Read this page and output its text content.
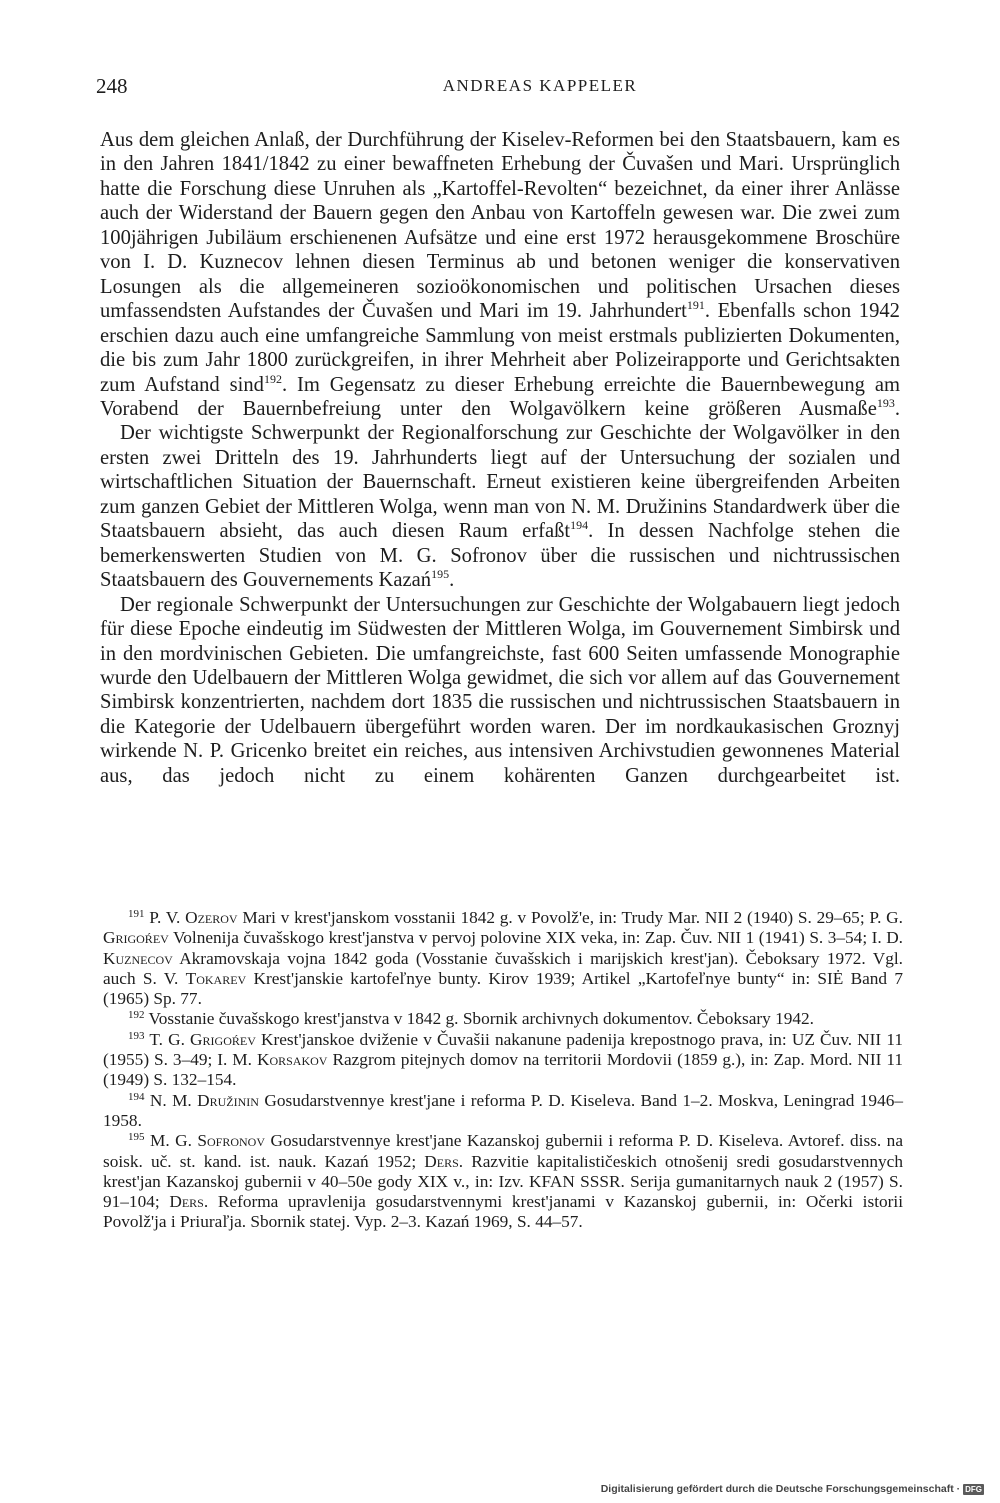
248	ANDREAS KAPPELER

Aus dem gleichen Anlaß, der Durchführung der Kiselev-Reformen bei den Staatsbauern, kam es in den Jahren 1841/1842 zu einer bewaffneten Erhebung der Čuvašen und Mari. Ursprünglich hatte die Forschung diese Unruhen als „Kartoffel-Revolten“ bezeichnet, da einer ihrer Anlässe auch der Widerstand der Bauern gegen den Anbau von Kartoffeln gewesen war. Die zwei zum 100jährigen Jubiläum erschienenen Aufsätze und eine erst 1972 herausgekommene Broschüre von I. D. Kuznecov lehnen diesen Terminus ab und betonen weniger die konservativen Losungen als die allgemeineren sozioökonomischen und politischen Ursachen dieses umfassendsten Aufstandes der Čuvašen und Mari im 19. Jahrhundert$^{191}$. Ebenfalls schon 1942 erschien dazu auch eine umfangreiche Sammlung von meist erstmals publizierten Dokumenten, die bis zum Jahr 1800 zurückgreifen, in ihrer Mehrheit aber Polizeirapporte und Gerichtsakten zum Aufstand sind$^{192}$. Im Gegensatz zu dieser Erhebung erreichte die Bauernbewegung am Vorabend der Bauernbefreiung unter den Wolgavölkern keine größeren Ausmaße$^{193}$.

Der wichtigste Schwerpunkt der Regionalforschung zur Geschichte der Wolgavölker in den ersten zwei Dritteln des 19. Jahrhunderts liegt auf der Untersuchung der sozialen und wirtschaftlichen Situation der Bauernschaft. Erneut existieren keine übergreifenden Arbeiten zum ganzen Gebiet der Mittleren Wolga, wenn man von N. M. Družinins Standardwerk über die Staatsbauern absieht, das auch diesen Raum erfaßt$^{194}$. In dessen Nachfolge stehen die bemerkenswerten Studien von M. G. Sofronov über die russischen und nichtrussischen Staatsbauern des Gouvernements Kazań$^{195}$.

Der regionale Schwerpunkt der Untersuchungen zur Geschichte der Wolgabauern liegt jedoch für diese Epoche eindeutig im Südwesten der Mittleren Wolga, im Gouvernement Simbirsk und in den mordvinischen Gebieten. Die umfangreichste, fast 600 Seiten umfassende Monographie wurde den Udelbauern der Mittleren Wolga gewidmet, die sich vor allem auf das Gouvernement Simbirsk konzentrierten, nachdem dort 1835 die russischen und nichtrussischen Staatsbauern in die Kategorie der Udelbauern übergeführt worden waren. Der im nordkaukasischen Groznyj wirkende N. P. Gricenko breitet ein reiches, aus intensiven Archivstudien gewonnenes Material aus, das jedoch nicht zu einem kohärenten Ganzen durchgearbeitet ist.

$^{191}$ P. V. Ozerov Mari v krest'janskom vosstanii 1842 g. v Povolž'e, in: Trudy Mar. NII 2 (1940) S. 29–65; P. G. Grigoŕev Volnenija čuvašskogo krest'janstva v pervoj polovine XIX veka, in: Zap. Čuv. NII 1 (1941) S. 3–54; I. D. Kuznecov Akramovskaja vojna 1842 goda (Vosstanie čuvašskich i marijskich krest'jan). Čeboksary 1972. Vgl. auch S. V. Tokarev Krest'janskie kartofeľnye bunty. Kirov 1939; Artikel „Kartofeľnye bunty“ in: SIĖ Band 7 (1965) Sp. 77.

$^{192}$ Vosstanie čuvašskogo krest'janstva v 1842 g. Sbornik archivnych dokumentov. Čeboksary 1942.

$^{193}$ T. G. Grigoŕev Krest'janskoe dviženie v Čuvašii nakanune padenija krepostnogo prava, in: UZ Čuv. NII 11 (1955) S. 3–49; I. M. Korsakov Razgrom pitejnych domov na territorii Mordovii (1859 g.), in: Zap. Mord. NII 11 (1949) S. 132–154.

$^{194}$ N. M. Družinin Gosudarstvennye krest'jane i reforma P. D. Kiseleva. Band 1–2. Moskva, Leningrad 1946–1958.

$^{195}$ M. G. Sofronov Gosudarstvennye krest'jane Kazanskoj gubernii i reforma P. D. Kiseleva. Avtoref. diss. na soisk. uč. st. kand. ist. nauk. Kazań 1952; Ders. Razvitie kapitalističeskich otnošenij sredi gosudarstvennych krest'jan Kazanskoj gubernii v 40–50e gody XIX v., in: Izv. KFAN SSSR. Serija gumanitarnych nauk 2 (1957) S. 91–104; Ders. Reforma upravlenija gosudarstvennymi krest'janami v Kazanskoj gubernii, in: Očerki istorii Povolž'ja i Priuraľja. Sbornik statej. Vyp. 2–3. Kazań 1969, S. 44–57.

Digitalisierung gefördert durch die Deutsche Forschungsgemeinschaft · DFG
